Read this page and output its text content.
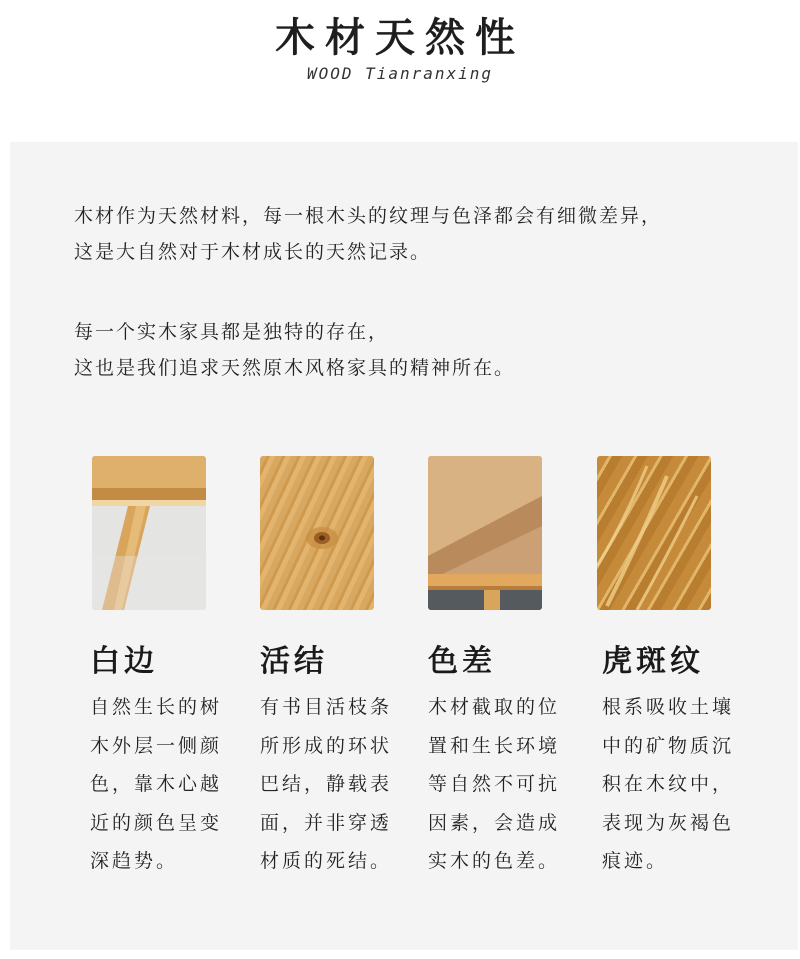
木材天然性
WOOD Tianranxing
木材作为天然材料，每一根木头的纹理与色泽都会有细微差异，
这是大自然对于木材成长的天然记录。
每一个实木家具都是独特的存在，
这也是我们追求天然原木风格家具的精神所在。
白边	活结	色差	虎斑纹
自然生长的树
木外层一侧颜
色，靠木心越
近的颜色呈变
深趋势。
有书目活枝条
所形成的环状
巴结，静载表
面，并非穿透
材质的死结。
木材截取的位
置和生长环境
等自然不可抗
因素，会造成
实木的色差。
根系吸收土壤
中的矿物质沉
积在木纹中，
表现为灰褐色
痕迹。
